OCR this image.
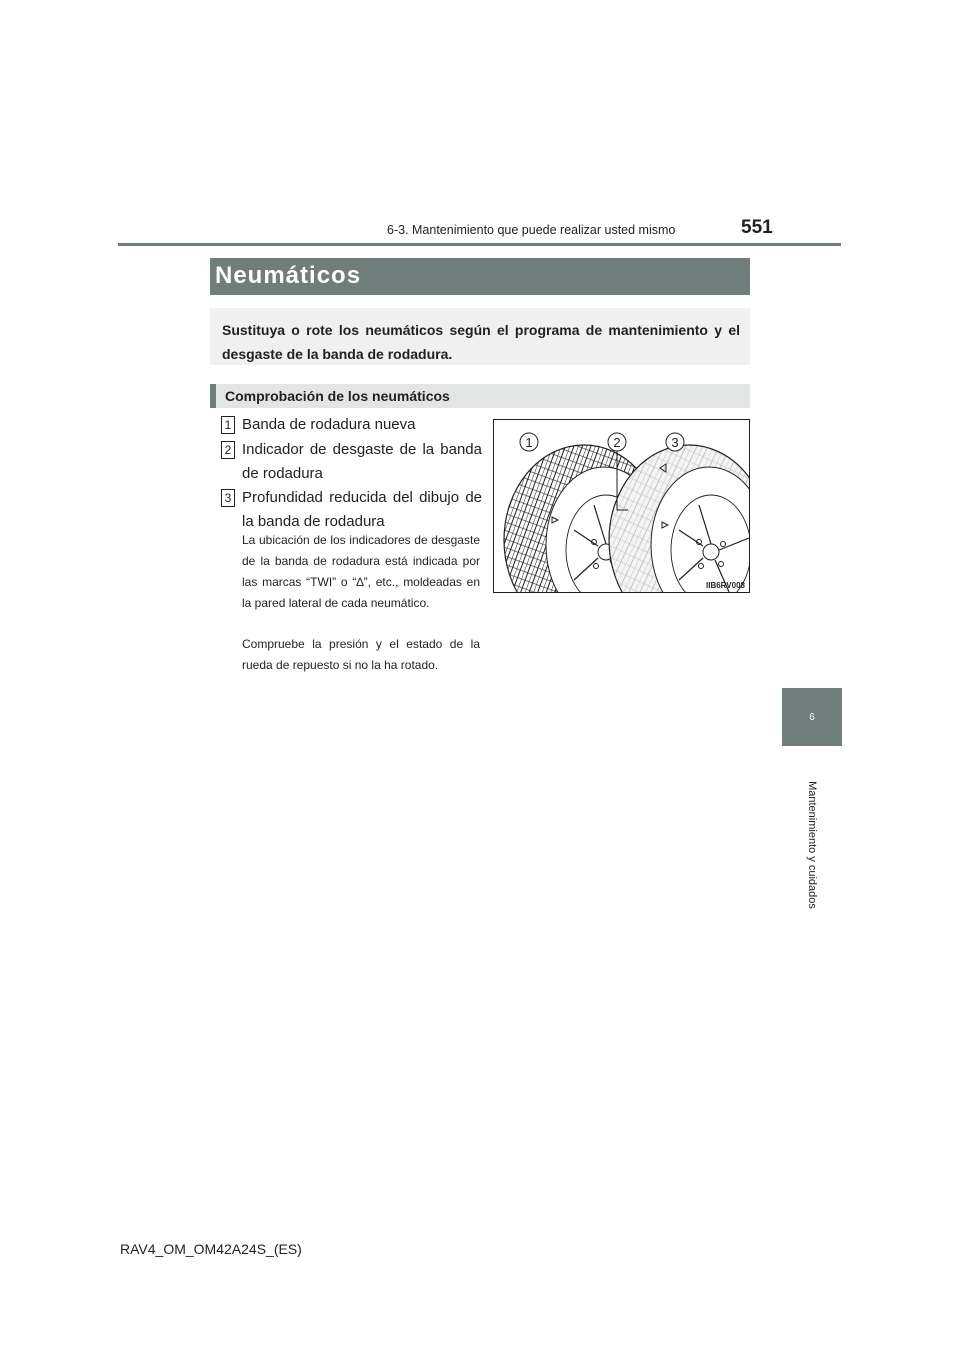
6-3. Mantenimiento que puede realizar usted mismo	551
6
Mantenimiento y cuidados
Neumáticos
Sustituya o rote los neumáticos según el programa de mantenimiento y el desgaste de la banda de rodadura.
Comprobación de los neumáticos
1 Banda de rodadura nueva
2 Indicador de desgaste de la banda de rodadura
3 Profundidad reducida del dibujo de la banda de rodadura
La ubicación de los indicadores de desgaste de la banda de rodadura está indicada por las marcas “TWI” o “∆”, etc., moldeadas en la pared lateral de cada neumático.
Compruebe la presión y el estado de la rueda de repuesto si no la ha rotado.
1	2	3
IIB6RV008
RAV4_OM_OM42A24S_(ES)
